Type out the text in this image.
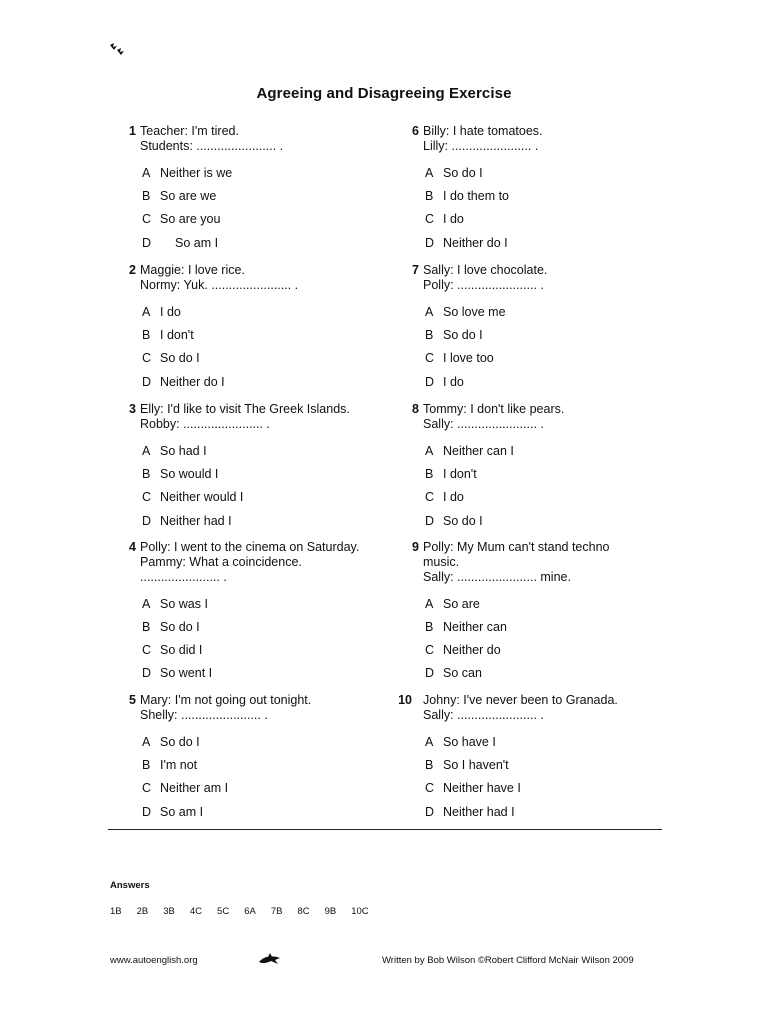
Agreeing and Disagreeing Exercise
1 Teacher: I'm tired.
Students: ....................... .
A Neither is we
B So are we
C So are you
D So am I
2 Maggie: I love rice.
Normy: Yuk. ....................... .
A I do
B I don't
C So do I
D Neither do I
3 Elly: I'd like to visit The Greek Islands.
Robby: ....................... .
A So had I
B So would I
C Neither would I
D Neither had I
4 Polly: I went to the cinema on Saturday.
Pammy: What a coincidence.
....................... .
A So was I
B So do I
C So did I
D So went I
5 Mary: I'm not going out tonight.
Shelly: ....................... .
A So do I
B I'm not
C Neither am I
D So am I
6 Billy: I hate tomatoes.
Lilly: ....................... .
A So do I
B I do them to
C I do
D Neither do I
7 Sally: I love chocolate.
Polly: ....................... .
A So love me
B So do I
C I love too
D I do
8 Tommy: I don't like pears.
Sally: ....................... .
A Neither can I
B I don't
C I do
D So do I
9 Polly: My Mum can't stand techno
music.
Sally: ....................... mine.
A So are
B Neither can
C Neither do
D So can
10 Johny: I've never been to Granada.
Sally: ....................... .
A So have I
B So I haven't
C Neither have I
D Neither had I
Answers
1B 2B 3B 4C 5C 6A 7B 8C 9B 10C
www.autoenglish.org	Written by Bob Wilson ©Robert Clifford McNair Wilson 2009
